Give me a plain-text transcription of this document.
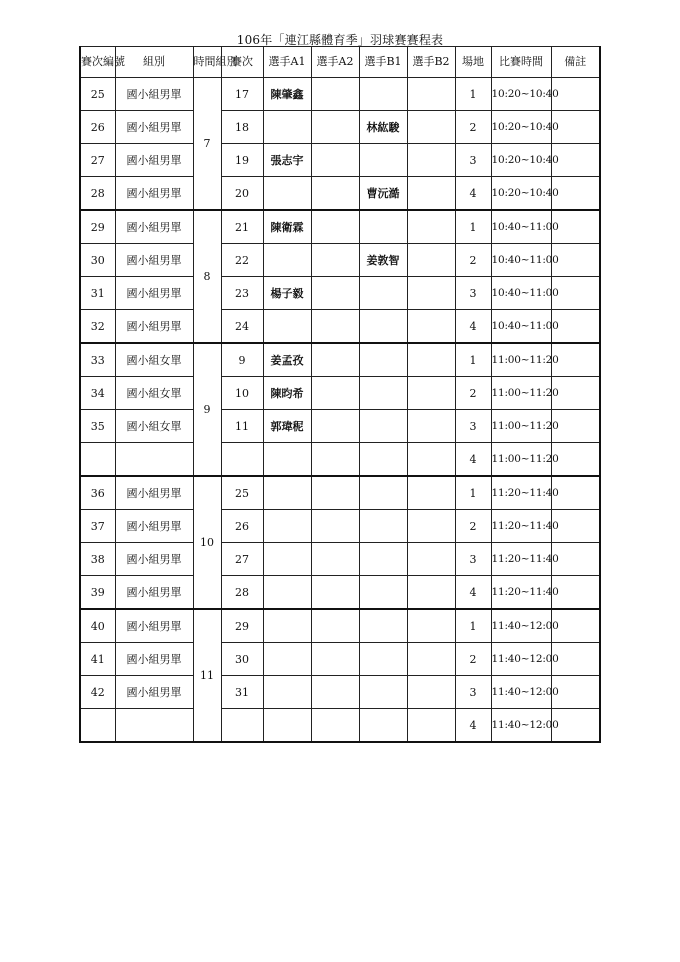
106年「連江縣體育季」羽球賽賽程表
賽次編號	組別	時間組別	賽次	選手A1	選手A2	選手B1	選手B2	場地	比賽時間	備註
25	國小組男單	7	17	陳肇鑫				1	10:20~10:40	
26	國小組男單		18			林紘駿		2	10:20~10:40	
27	國小組男單		19	張志宇				3	10:20~10:40	
28	國小組男單		20			曹沅澔		4	10:20~10:40	
29	國小組男單	8	21	陳衛霖				1	10:40~11:00	
30	國小組男單		22			姜敦智		2	10:40~11:00	
31	國小組男單		23	楊子毅				3	10:40~11:00	
32	國小組男單		24					4	10:40~11:00	
33	國小組女單	9	9	姜孟孜				1	11:00~11:20	
34	國小組女單		10	陳昀希				2	11:00~11:20	
35	國小組女單		11	郭瑋秜				3	11:00~11:20	
								4	11:00~11:20	
36	國小組男單	10	25					1	11:20~11:40	
37	國小組男單		26					2	11:20~11:40	
38	國小組男單		27					3	11:20~11:40	
39	國小組男單		28					4	11:20~11:40	
40	國小組男單	11	29					1	11:40~12:00	
41	國小組男單		30					2	11:40~12:00	
42	國小組男單		31					3	11:40~12:00	
								4	11:40~12:00	
